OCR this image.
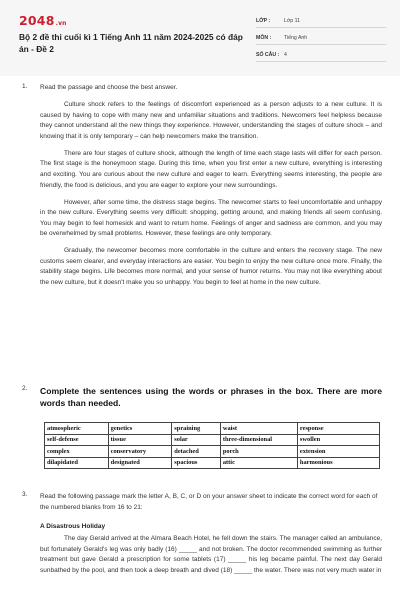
2048.vn
Bộ 2 đề thi cuối kì 1 Tiếng Anh 11 năm 2024-2025 có đáp án - Đề 2
LỚP :	Lớp 11
MÔN :	Tiếng Anh
SỐ CÂU : 4
1. Read the passage and choose the best answer.

Culture shock refers to the feelings of discomfort experienced as a person adjusts to a new culture. It is caused by having to cope with many new and unfamiliar situations and traditions. Newcomers feel helpless because they cannot understand all the new things they experience. However, understanding the stages of culture shock – and knowing that it is only temporary – can help newcomers make the transition.

There are four stages of culture shock, although the length of time each stage lasts will differ for each person. The first stage is the honeymoon stage. During this time, when you first enter a new culture, everything is interesting and exciting. You are curious about the new culture and eager to learn. Everything seems interesting, the people are friendly, the food is delicious, and you are eager to explore your new surroundings.

However, after some time, the distress stage begins. The newcomer starts to feel uncomfortable and unhappy in the new culture. Everything seems very difficult: shopping, getting around, and making friends all seem confusing. You may begin to feel homesick and want to return home. Feelings of anger and sadness are common, and you may be overwhelmed by small problems. However, these feelings are only temporary.

Gradually, the newcomer becomes more comfortable in the culture and enters the recovery stage. The new customs seem clearer, and everyday interactions are easier. You begin to enjoy the new culture once more. Finally, the stability stage begins. Life becomes more normal, and your sense of humor returns. You may not like everything about the new culture, but it doesn't make you so unhappy. You begin to feel at home in the new culture.

2. Complete the sentences using the words or phrases in the box. There are more words than needed.
atmospheric	genetics	spraining	waist	response
self-defense	tissue	solar	three-dimensional	swollen
complex	conservatory	detached	porch	extension
dilapidated	designated	spacious	attic	harmonious
3. Read the following passage mark the letter A, B, C, or D on your answer sheet to indicate the correct word for each of the numbered blanks from 16 to 21:
A Disastrous Holiday

The day Gerald arrived at the Almara Beach Hotel, he fell down the stairs. The manager called an ambulance, but fortunately Gerald's leg was only badly (16) _____ and not broken. The doctor recommended swimming as further treatment but gave Gerald a prescription for some tablets (17) _____ his leg became painful. The next day Gerald sunbathed by the pool, and then took a deep breath and dived (18) _____ the water. There was not very much water in
